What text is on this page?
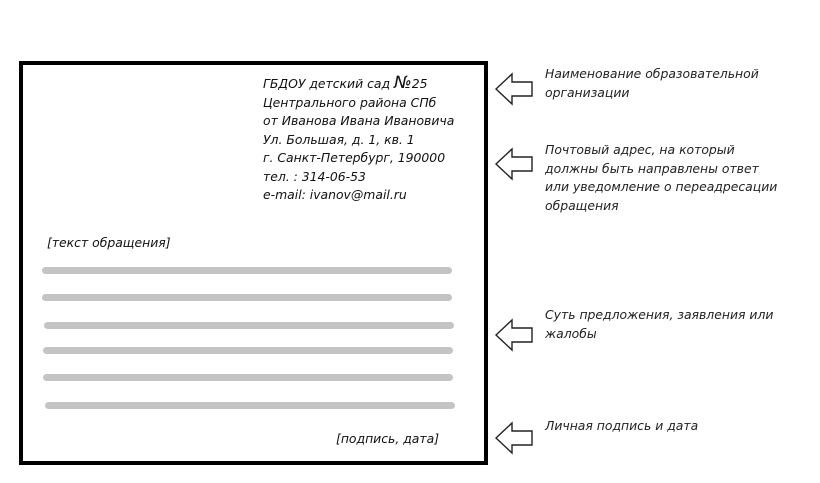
ГБДОУ детский сад №25
Центрального района СПб
от Иванова Ивана Ивановича
Ул. Большая, д. 1, кв. 1
г. Санкт-Петербург, 190000
тел. : 314-06-53
e-mail: ivanov@mail.ru
[текст обращения]
[подпись, дата]
Наименование образовательной организации
Почтовый адрес, на который должны быть направлены ответ или уведомление о переадресации обращения
Суть предложения, заявления или жалобы
Личная подпись и дата
